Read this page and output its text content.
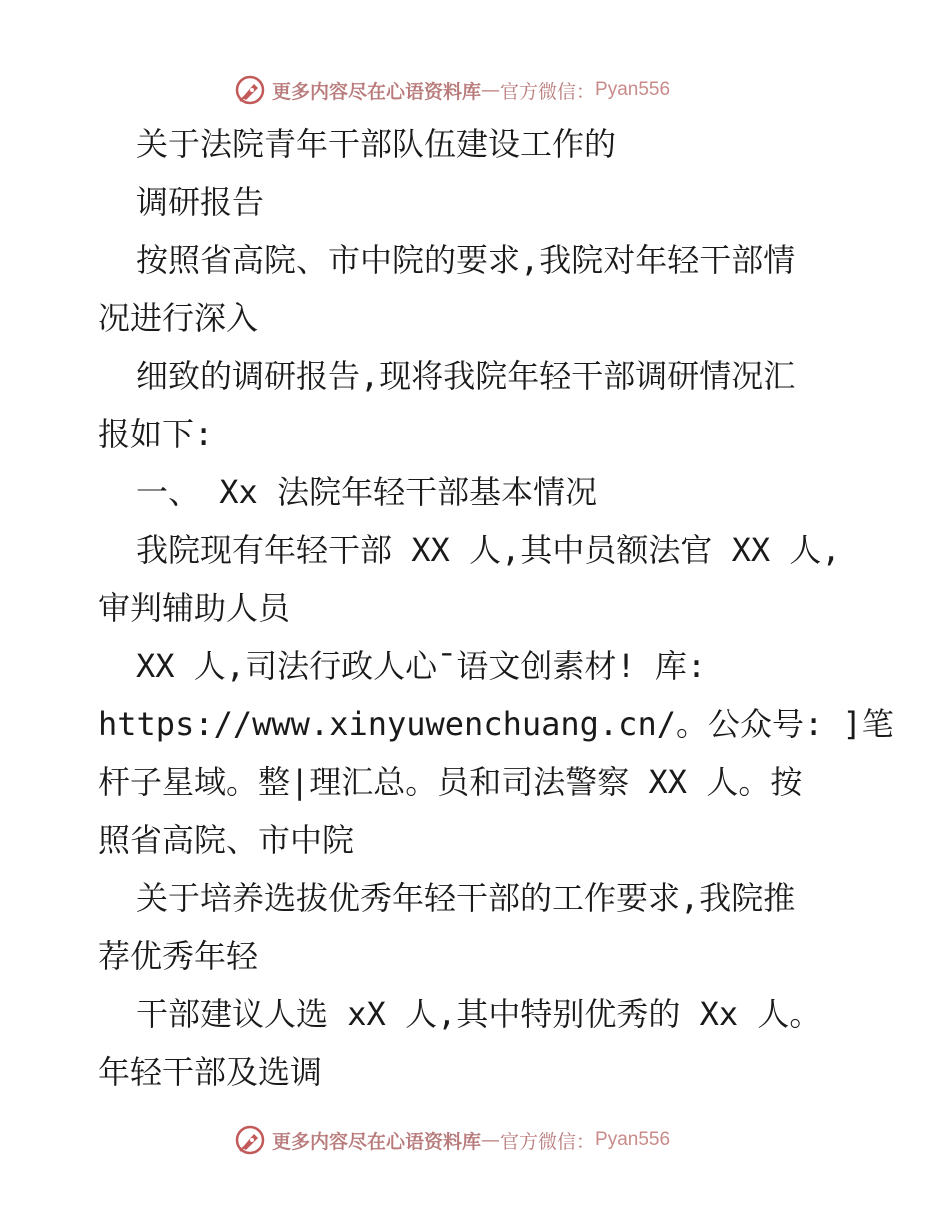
更多内容尽在心语资料库 — 官方微信： Pyan556
关于法院青年干部队伍建设工作的
调研报告
按照省高院、市中院的要求,我院对年轻干部情
况进行深入
细致的调研报告,现将我院年轻干部调研情况汇
报如下:
一、 Xx 法院年轻干部基本情况
我院现有年轻干部 XX 人,其中员额法官 XX 人,
审判辅助人员
XX 人,司法行政人心¯语文创素材! 库:
https://www.xinyuwenchuang.cn/。公众号: ]笔
杆子星域。整|理汇总。员和司法警察 XX 人。按
照省高院、市中院
关于培养选拔优秀年轻干部的工作要求,我院推
荐优秀年轻
干部建议人选 xX 人,其中特别优秀的 Xx 人。
年轻干部及选调
更多内容尽在心语资料库 — 官方微信： Pyan556
